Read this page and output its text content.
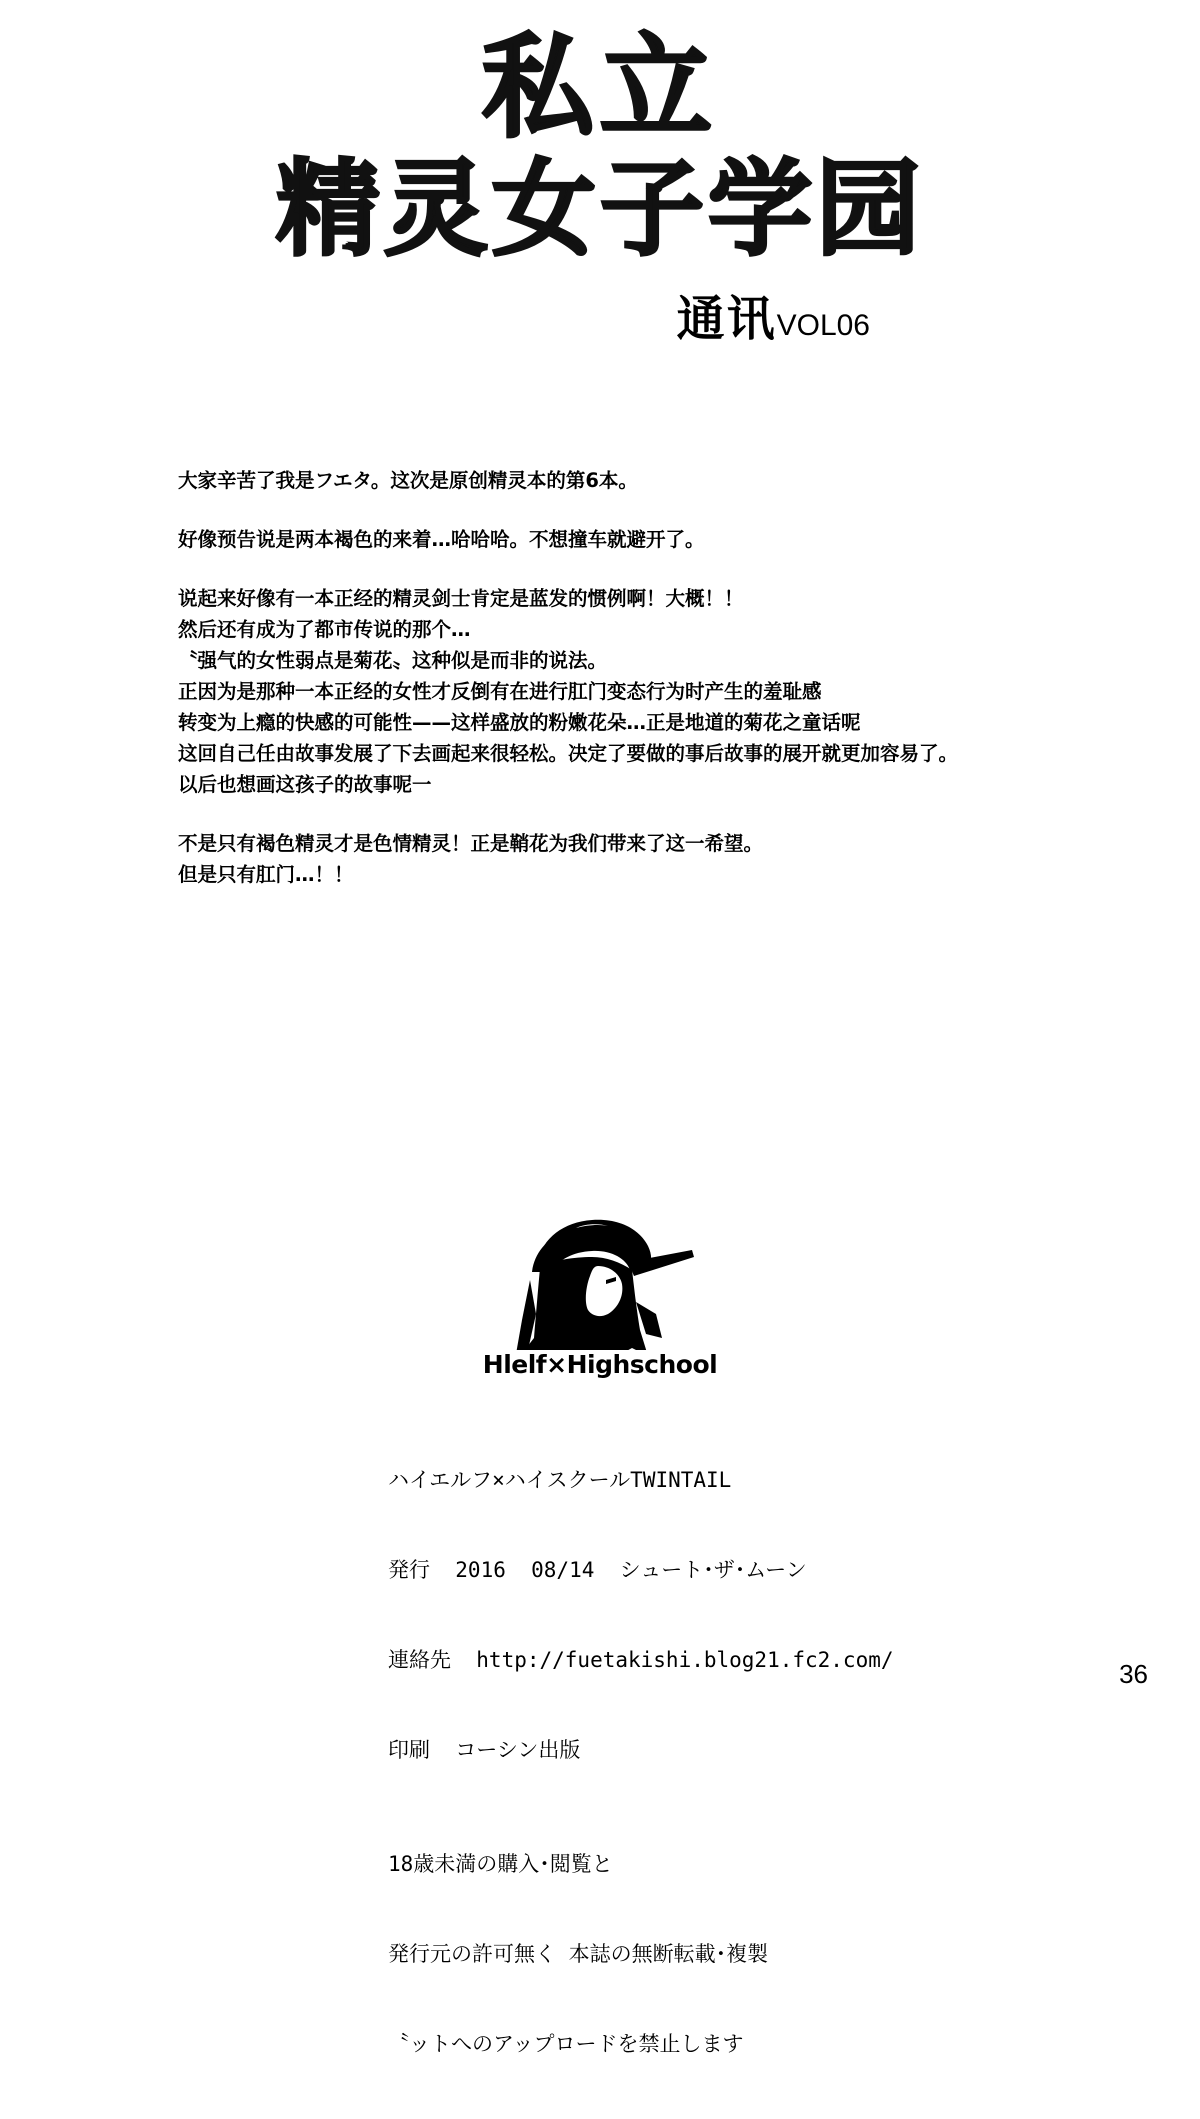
私立
精灵女子学园
通讯VOL06
大家辛苦了我是フエタ。这次是原创精灵本的第6本。
好像预告说是两本褐色的来着…哈哈哈。不想撞车就避开了。
说起来好像有一本正经的精灵剑士肯定是蓝发的惯例啊！大概！！
然后还有成为了都市传说的那个…
〝强气的女性弱点是菊花〟这种似是而非的说法。
正因为是那种一本正经的女性才反倒有在进行肛门变态行为时产生的羞耻感
转变为上瘾的快感的可能性——这样盛放的粉嫩花朵…正是地道的菊花之童话呢
这回自己任由故事发展了下去画起来很轻松。决定了要做的事后故事的展开就更加容易了。
以后也想画这孩子的故事呢一
不是只有褐色精灵才是色情精灵！正是鞘花为我们带来了这一希望。
但是只有肛门…！！
Hlelf×Highschool

ハイエルフ×ハイスクールTWINTAIL

発行  2016  08/14  シュート･ザ･ムーン

連絡先  http://fuetakishi.blog21.fc2.com/

印刷  コーシン出版

18歳未満の購入･閲覧と

発行元の許可無く 本誌の無断転載･複製

〝ットへのアップロードを禁止します

36
